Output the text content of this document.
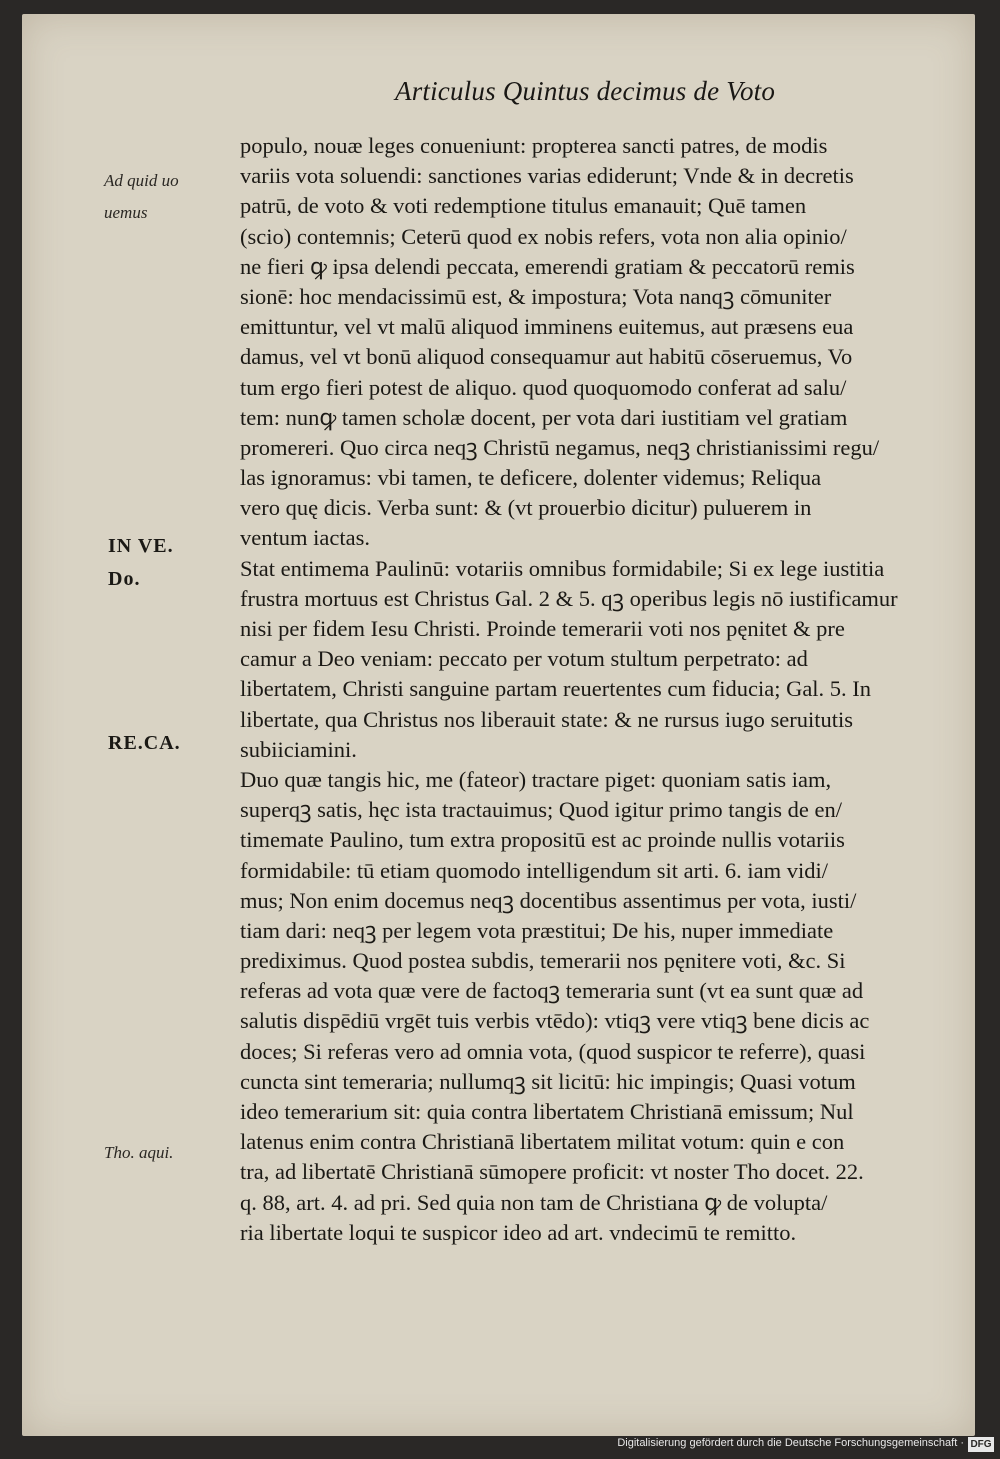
Articulus Quintus decimus de Voto
Ad quid uo
uemus
IN VE.
Do.
RE.CA.
Tho. aqui.
populo, nouæ leges conueniunt: propterea sancti patres, de modis
variis vota soluendi: sanctiones varias ediderunt; Vnde & in decretis
patrū, de voto & voti redemptione titulus emanauit; Quē tamen
(scio) contemnis; Ceterū quod ex nobis refers, vota non alia opinio/
ne fieri ꝙ ipsa delendi peccata, emerendi gratiam & peccatorū remis
sionē: hoc mendacissimū est, & impostura; Vota nanqꝫ cōmuniter
emittuntur, vel vt malū aliquod imminens euitemus, aut præsens eua
damus, vel vt bonū aliquod consequamur aut habitū cōseruemus, Vo
tum ergo fieri potest de aliquo. quod quoquomodo conferat ad salu/
tem: nunꝙ tamen scholæ docent, per vota dari iustitiam vel gratiam
promereri. Quo circa neqꝫ Christū negamus, neqꝫ christianissimi regu/
las ignoramus: vbi tamen, te deficere, dolenter videmus; Reliqua
vero quę dicis. Verba sunt: & (vt prouerbio dicitur) puluerem in
ventum iactas.
Stat entimema Paulinū: votariis omnibus formidabile; Si ex lege iustitia
frustra mortuus est Christus Gal. 2 & 5. qꝫ operibus legis nō iustificamur
nisi per fidem Iesu Christi. Proinde temerarii voti nos pęnitet & pre
camur a Deo veniam: peccato per votum stultum perpetrato: ad
libertatem, Christi sanguine partam reuertentes cum fiducia; Gal. 5. In
libertate, qua Christus nos liberauit state: & ne rursus iugo seruitutis
subiiciamini.
Duo quæ tangis hic, me (fateor) tractare piget: quoniam satis iam,
superqꝫ satis, hęc ista tractauimus; Quod igitur primo tangis de en/
timemate Paulino, tum extra propositū est ac proinde nullis votariis
formidabile: tū etiam quomodo intelligendum sit arti. 6. iam vidi/
mus; Non enim docemus neqꝫ docentibus assentimus per vota, iusti/
tiam dari: neqꝫ per legem vota præstitui; De his, nuper immediate
prediximus. Quod postea subdis, temerarii nos pęnitere voti, &c. Si
referas ad vota quæ vere de factoqꝫ temeraria sunt (vt ea sunt quæ ad
salutis dispēdiū vrgēt tuis verbis vtēdo): vtiqꝫ vere vtiqꝫ bene dicis ac
doces; Si referas vero ad omnia vota, (quod suspicor te referre), quasi
cuncta sint temeraria; nullumqꝫ sit licitū: hic impingis; Quasi votum
ideo temerarium sit: quia contra libertatem Christianā emissum; Nul
latenus enim contra Christianā libertatem militat votum: quin e con
tra, ad libertatē Christianā sūmopere proficit: vt noster Tho docet. 22.
q. 88, art. 4. ad pri. Sed quia non tam de Christiana ꝙ de volupta/
ria libertate loqui te suspicor ideo ad art. vndecimū te remitto.
Digitalisierung gefördert durch die Deutsche Forschungsgemeinschaft · DFG
